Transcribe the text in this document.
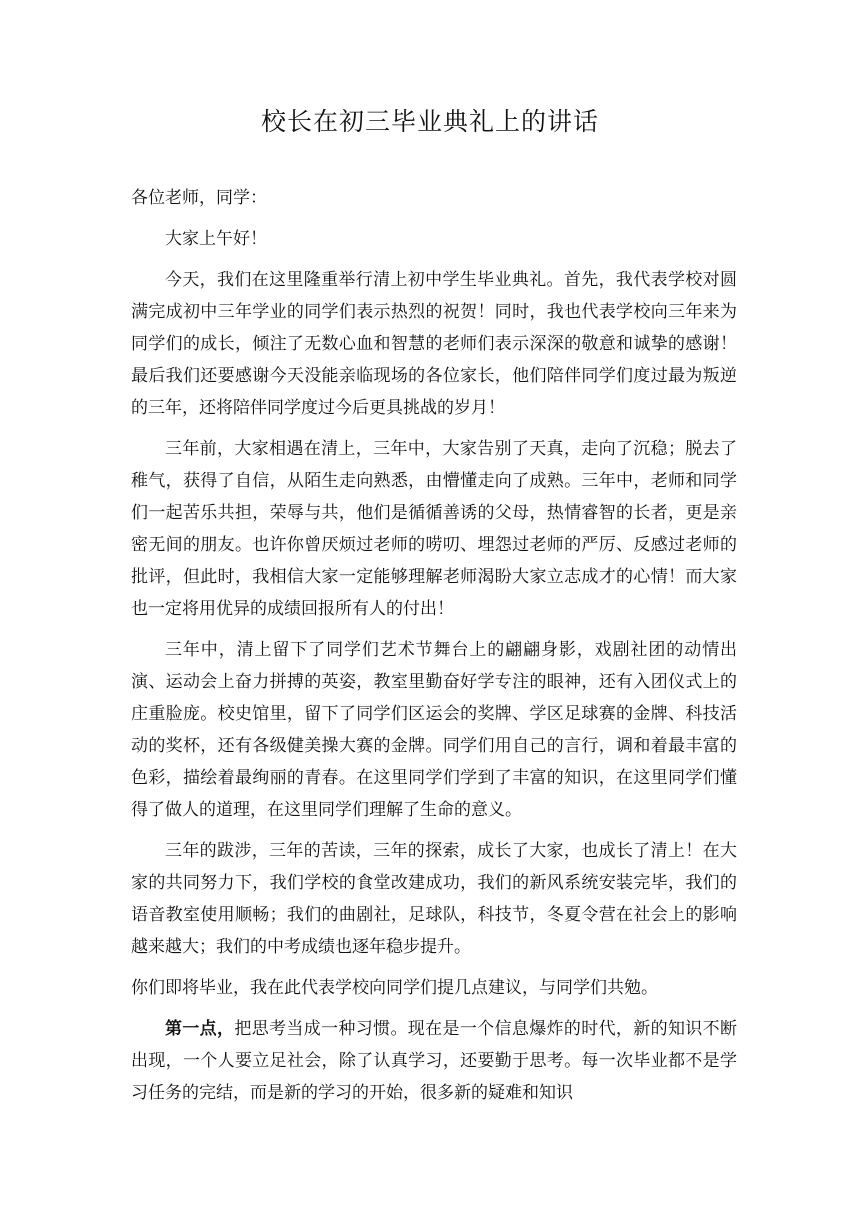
校长在初三毕业典礼上的讲话

各位老师，同学：

大家上午好！

今天，我们在这里隆重举行清上初中学生毕业典礼。首先，我代表学校对圆满完成初中三年学业的同学们表示热烈的祝贺！同时，我也代表学校向三年来为同学们的成长，倾注了无数心血和智慧的老师们表示深深的敬意和诚挚的感谢！最后我们还要感谢今天没能亲临现场的各位家长，他们陪伴同学们度过最为叛逆的三年，还将陪伴同学度过今后更具挑战的岁月！

三年前，大家相遇在清上，三年中，大家告别了天真，走向了沉稳；脱去了稚气，获得了自信，从陌生走向熟悉，由懵懂走向了成熟。三年中，老师和同学们一起苦乐共担，荣辱与共，他们是循循善诱的父母，热情睿智的长者，更是亲密无间的朋友。也许你曾厌烦过老师的唠叨、埋怨过老师的严厉、反感过老师的批评，但此时，我相信大家一定能够理解老师渴盼大家立志成才的心情！而大家也一定将用优异的成绩回报所有人的付出！

三年中，清上留下了同学们艺术节舞台上的翩翩身影，戏剧社团的动情出演、运动会上奋力拼搏的英姿，教室里勤奋好学专注的眼神，还有入团仪式上的庄重脸庞。校史馆里，留下了同学们区运会的奖牌、学区足球赛的金牌、科技活动的奖杯，还有各级健美操大赛的金牌。同学们用自己的言行，调和着最丰富的色彩，描绘着最绚丽的青春。在这里同学们学到了丰富的知识，在这里同学们懂得了做人的道理，在这里同学们理解了生命的意义。

三年的跋涉，三年的苦读，三年的探索，成长了大家，也成长了清上！在大家的共同努力下，我们学校的食堂改建成功，我们的新风系统安装完毕，我们的语音教室使用顺畅；我们的曲剧社，足球队，科技节，冬夏令营在社会上的影响越来越大；我们的中考成绩也逐年稳步提升。

你们即将毕业，我在此代表学校向同学们提几点建议，与同学们共勉。

第一点，把思考当成一种习惯。现在是一个信息爆炸的时代，新的知识不断出现，一个人要立足社会，除了认真学习，还要勤于思考。每一次毕业都不是学习任务的完结，而是新的学习的开始，很多新的疑难和知识
